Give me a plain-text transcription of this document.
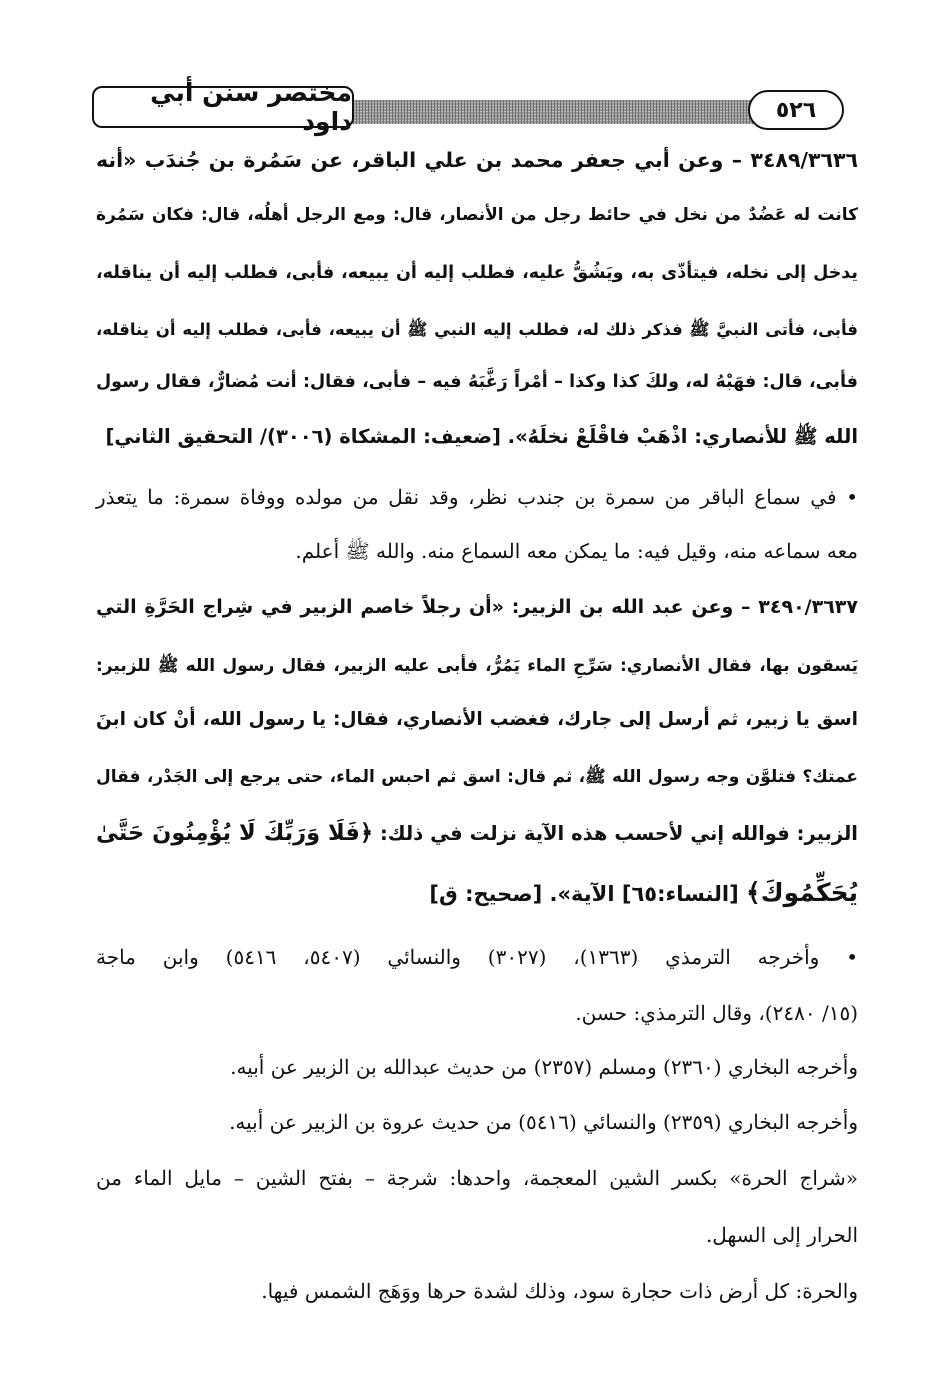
مختصر سنن أبي داود	٥٢٦
٣٤٨٩/٣٦٣٦ – وعن أبي جعفر محمد بن علي الباقر، عن سَمُرة بن جُندَب «أنه
كانت له عَضُدٌ من نخل في حائط رجل من الأنصار، قال: ومع الرجل أهلُه، قال: فكان سَمُرة
يدخل إلى نخله، فيتأذّى به، ويَشُقُّ عليه، فطلب إليه أن يبيعه، فأبى، فطلب إليه أن يناقله،
فأبى، فأتى النبيَّ ﷺ فذكر ذلك له، فطلب إليه النبي ﷺ أن يبيعه، فأبى، فطلب إليه أن يناقله،
فأبى، قال: فهَبْهُ له، ولكَ كذا وكذا – أمْراً رَغَّبَهُ فيه – فأبى، فقال: أنت مُضارٌّ، فقال رسول
الله ﷺ للأنصاري: اذْهَبْ فاقْلَعْ نخلَهُ». [ضعيف: المشكاة (٣٠٠٦)/ التحقيق الثاني]
• في سماع الباقر من سمرة بن جندب نظر، وقد نقل من مولده ووفاة سمرة: ما يتعذر
معه سماعه منه، وقيل فيه: ما يمكن معه السماع منه. والله ﷺ أعلم.
٣٤٩٠/٣٦٣٧ – وعن عبد الله بن الزبير: «أن رجلاً خاصم الزبير في شِراج الحَرَّةِ التي
يَسقون بها، فقال الأنصاري: سَرِّحِ الماء يَمُرُّ، فأبى عليه الزبير، فقال رسول الله ﷺ للزبير:
اسق يا زبير، ثم أرسل إلى جارك، فغضب الأنصاري، فقال: يا رسول الله، أنْ كان ابنَ
عمتك؟ فتلوَّن وجه رسول الله ﷺ، ثم قال: اسق ثم احبس الماء، حتى يرجع إلى الجَدْر، فقال
الزبير: فوالله إني لأحسب هذه الآية نزلت في ذلك: ﴿فَلَا وَرَبِّكَ لَا يُؤْمِنُونَ حَتَّىٰ
يُحَكِّمُوكَ﴾ [النساء:٦٥] الآية». [صحيح: ق]
• وأخرجه الترمذي (١٣٦٣)، (٣٠٢٧) والنسائي (٥٤٠٧، ٥٤١٦) وابن ماجة
(١٥/ ٢٤٨٠)، وقال الترمذي: حسن.
وأخرجه البخاري (٢٣٦٠) ومسلم (٢٣٥٧) من حديث عبدالله بن الزبير عن أبيه.
وأخرجه البخاري (٢٣٥٩) والنسائي (٥٤١٦) من حديث عروة بن الزبير عن أبيه.
«شراج الحرة» بكسر الشين المعجمة، واحدها: شرجة – بفتح الشين – مايل الماء من
الحرار إلى السهل.
والحرة: كل أرض ذات حجارة سود، وذلك لشدة حرها ووَهَج الشمس فيها.
